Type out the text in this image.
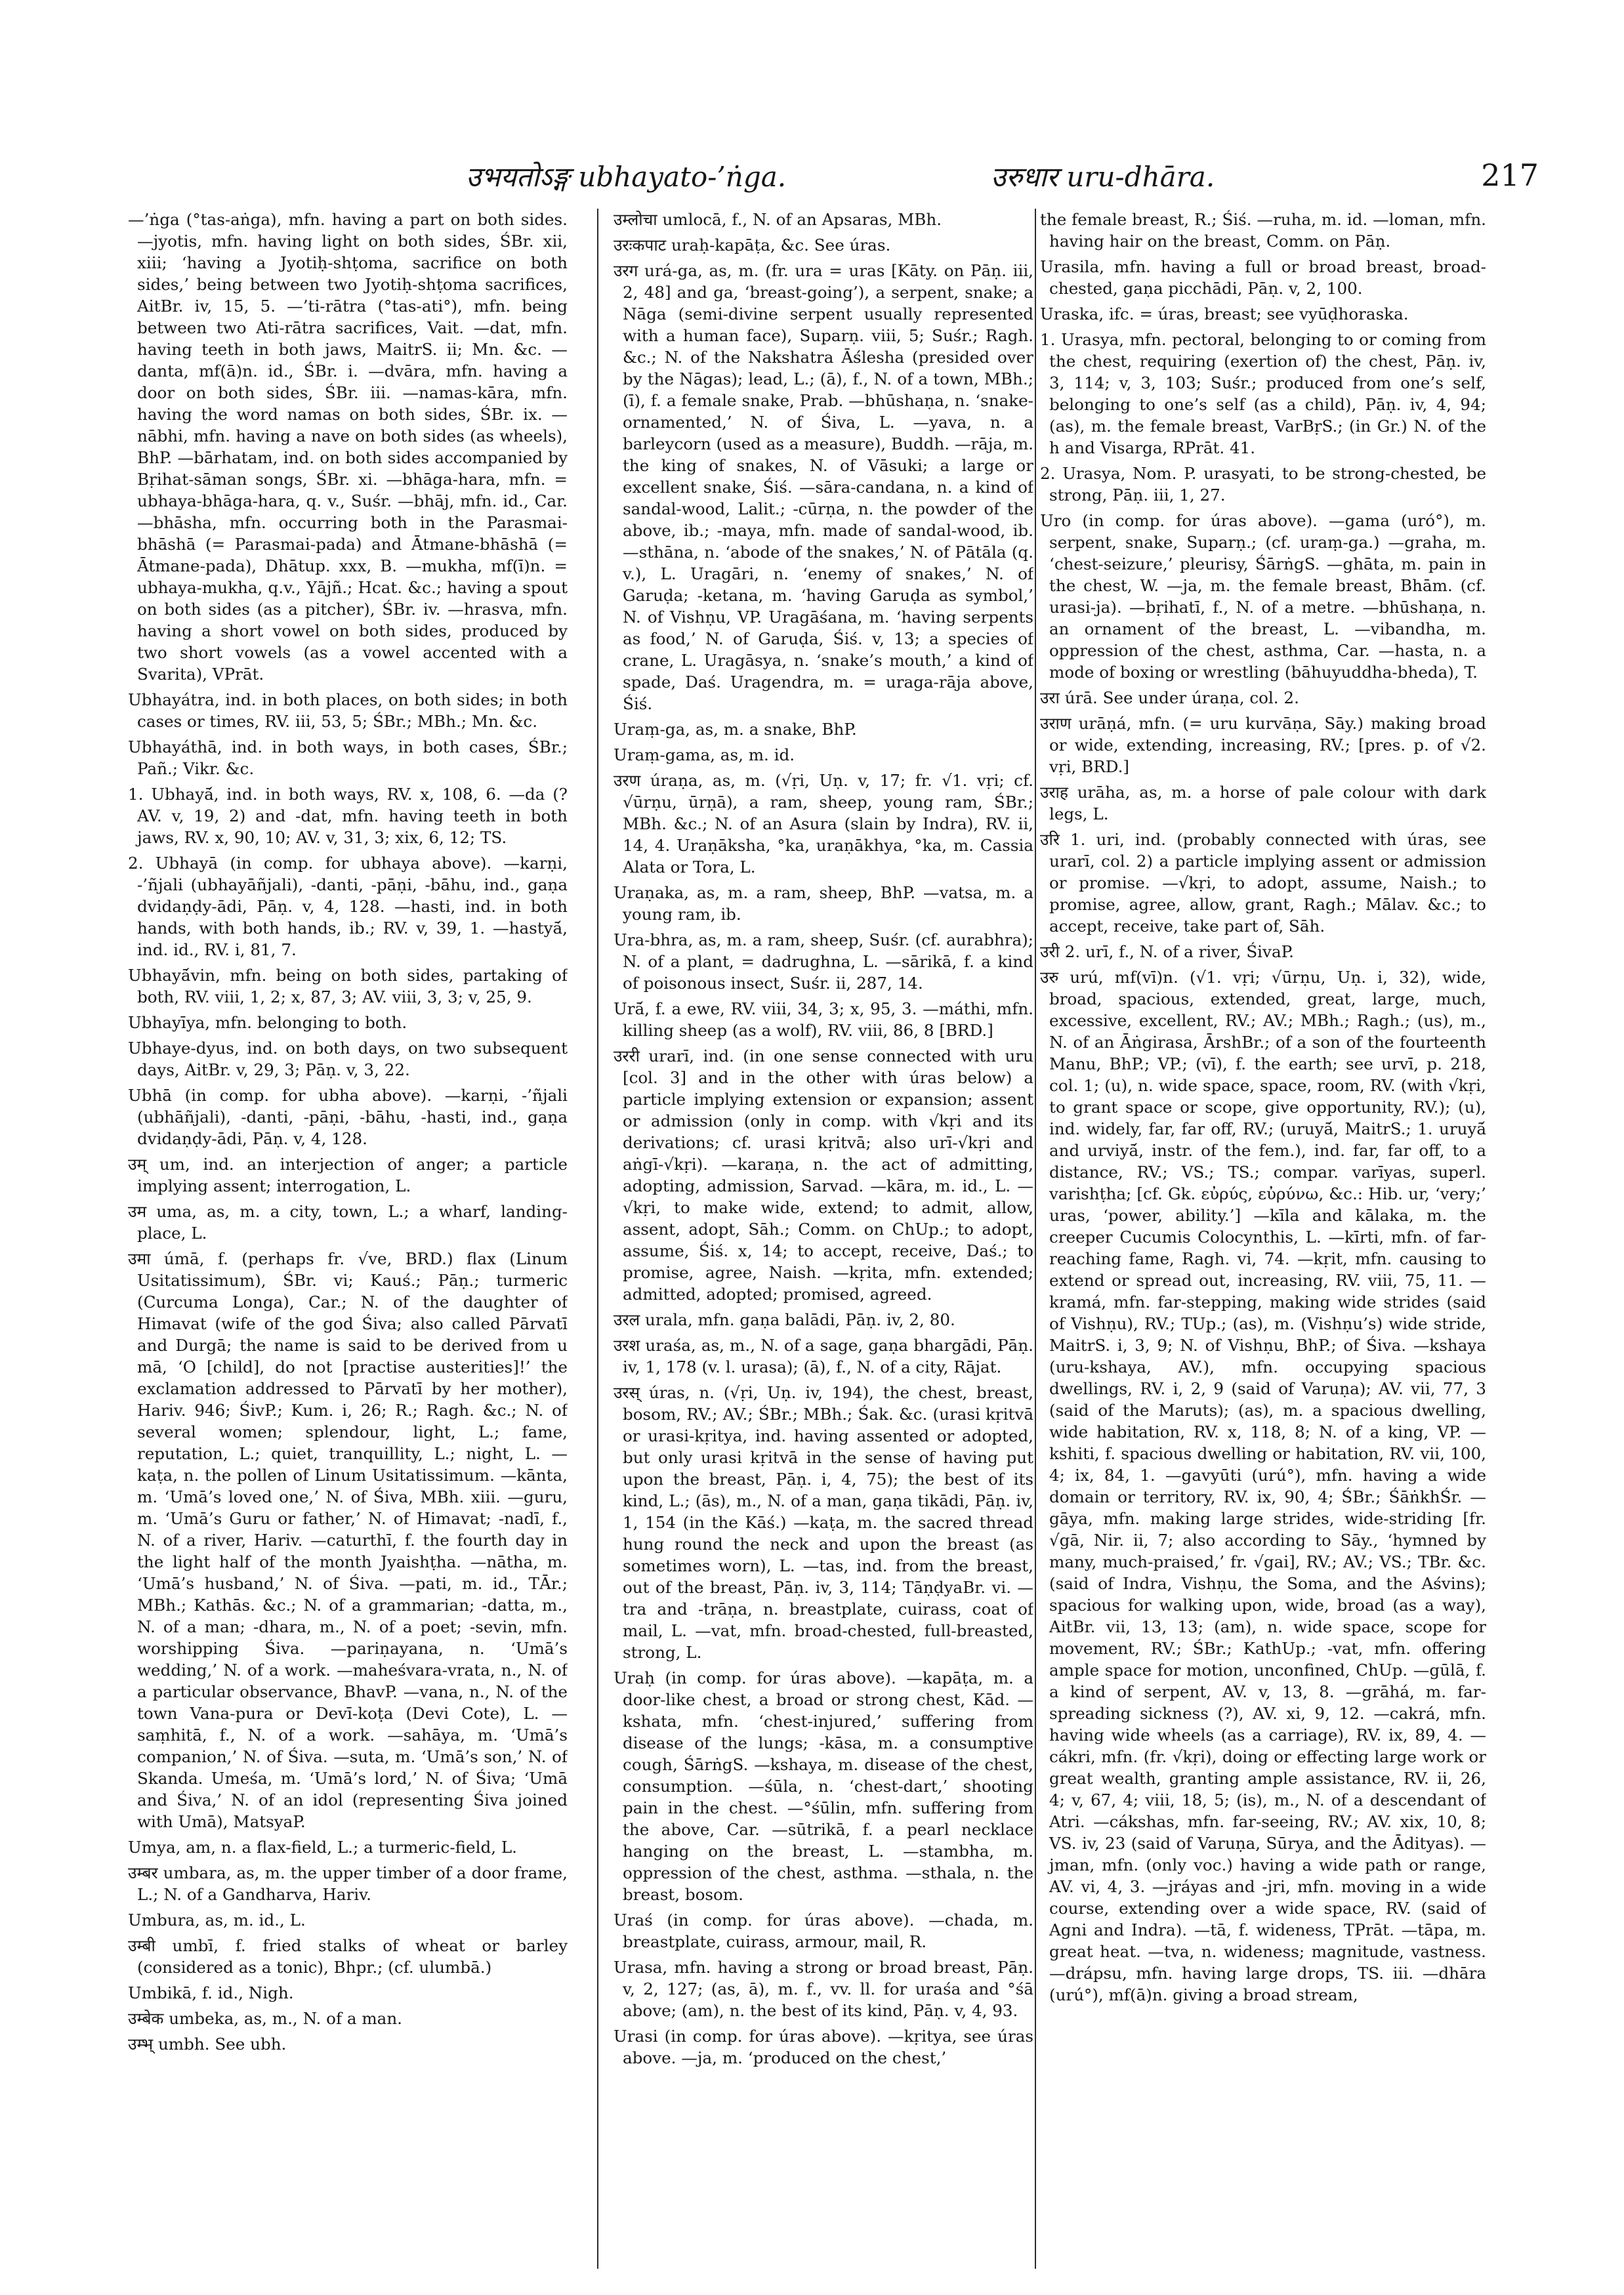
उभयतोऽङ्ग ubhayato-’ṅga.	उरुधार uru-dhāra.	217

—’ṅga (°tas-aṅga), mfn. having a part on both sides. —jyotis, mfn. having light on both sides, ŚBr. xii, xiii; ‘having a Jyotiḥ-shṭoma, sacrifice on both sides,’ being between two Jyotiḥ-shṭoma sacrifices, AitBr. iv, 15, 5. —’ti-rātra (°tas-ati°), mfn. being between two Ati-rātra sacrifices, Vait. —dat, mfn. having teeth in both jaws, MaitrS. ii; Mn. &c. —danta, mf(ā)n. id., ŚBr. i. —dvāra, mfn. having a door on both sides, ŚBr. iii. —namas-kāra, mfn. having the word namas on both sides, ŚBr. ix. —nābhi, mfn. having a nave on both sides (as wheels), BhP. —bārhatam, ind. on both sides accompanied by Bṛihat-sāman songs, ŚBr. xi. —bhāga-hara, mfn. = ubhaya-bhāga-hara, q. v., Suśr. —bhāj, mfn. id., Car. —bhāsha, mfn. occurring both in the Parasmai-bhāshā (= Parasmai-pada) and Ātmane-bhāshā (= Ātmane-pada), Dhātup. xxx, B. —mukha, mf(ī)n. = ubhaya-mukha, q.v., Yājñ.; Hcat. &c.; having a spout on both sides (as a pitcher), ŚBr. iv. —hrasva, mfn. having a short vowel on both sides, produced by two short vowels (as a vowel accented with a Svarita), VPrāt.

Ubhayátra, ind. in both places, on both sides; in both cases or times, RV. iii, 53, 5; ŚBr.; MBh.; Mn. &c.

Ubhayáthā, ind. in both ways, in both cases, ŚBr.; Pañ.; Vikr. &c.

1. Ubhayā́, ind. in both ways, RV. x, 108, 6. —da (? AV. v, 19, 2) and -dat, mfn. having teeth in both jaws, RV. x, 90, 10; AV. v, 31, 3; xix, 6, 12; TS.

2. Ubhayā (in comp. for ubhaya above). —karṇi, -’ñjali (ubhayāñjali), -danti, -pāṇi, -bāhu, ind., gaṇa dvidaṇḍy-ādi, Pāṇ. v, 4, 128. —hasti, ind. in both hands, with both hands, ib.; RV. v, 39, 1. —hastyā́, ind. id., RV. i, 81, 7.

Ubhayā́vin, mfn. being on both sides, partaking of both, RV. viii, 1, 2; x, 87, 3; AV. viii, 3, 3; v, 25, 9.

Ubhayīya, mfn. belonging to both.

Ubhaye-dyus, ind. on both days, on two subsequent days, AitBr. v, 29, 3; Pāṇ. v, 3, 22.

Ubhā (in comp. for ubha above). —karṇi, -’ñjali (ubhāñjali), -danti, -pāṇi, -bāhu, -hasti, ind., gaṇa dvidaṇḍy-ādi, Pāṇ. v, 4, 128.

उम् um, ind. an interjection of anger; a particle implying assent; interrogation, L.

उम uma, as, m. a city, town, L.; a wharf, landing-place, L.

उमा úmā, f. (perhaps fr. √ve, BRD.) flax (Linum Usitatissimum), ŚBr. vi; Kauś.; Pāṇ.; turmeric (Curcuma Longa), Car.; N. of the daughter of Himavat (wife of the god Śiva; also called Pārvatī and Durgā; the name is said to be derived from u mā, ‘O [child], do not [practise austerities]!’ the exclamation addressed to Pārvatī by her mother), Hariv. 946; ŚivP.; Kum. i, 26; R.; Ragh. &c.; N. of several women; splendour, light, L.; fame, reputation, L.; quiet, tranquillity, L.; night, L. —kaṭa, n. the pollen of Linum Usitatissimum. —kānta, m. ‘Umā’s loved one,’ N. of Śiva, MBh. xiii. —guru, m. ‘Umā’s Guru or father,’ N. of Himavat; -nadī, f., N. of a river, Hariv. —caturthī, f. the fourth day in the light half of the month Jyaishṭha. —nātha, m. ‘Umā’s husband,’ N. of Śiva. —pati, m. id., TĀr.; MBh.; Kathās. &c.; N. of a grammarian; -datta, m., N. of a man; -dhara, m., N. of a poet; -sevin, mfn. worshipping Śiva. —pariṇayana, n. ‘Umā’s wedding,’ N. of a work. —maheśvara-vrata, n., N. of a particular observance, BhavP. —vana, n., N. of the town Vana-pura or Devī-koṭa (Devi Cote), L. —saṃhitā, f., N. of a work. —sahāya, m. ‘Umā’s companion,’ N. of Śiva. —suta, m. ‘Umā’s son,’ N. of Skanda. Umeśa, m. ‘Umā’s lord,’ N. of Śiva; ‘Umā and Śiva,’ N. of an idol (representing Śiva joined with Umā), MatsyaP.

Umya, am, n. a flax-field, L.; a turmeric-field, L.

उम्बर umbara, as, m. the upper timber of a door frame, L.; N. of a Gandharva, Hariv.

Umbura, as, m. id., L.

उम्बी umbī, f. fried stalks of wheat or barley (considered as a tonic), Bhpr.; (cf. ulumbā.)

Umbikā, f. id., Nigh.

उम्बेक umbeka, as, m., N. of a man.

उम्भ् umbh. See ubh.

उम्लोचा umlocā, f., N. of an Apsaras, MBh.

उरःकपाट uraḥ-kapāṭa, &c. See úras.

उरग urá-ga, as, m. (fr. ura = uras [Kāty. on Pāṇ. iii, 2, 48] and ga, ‘breast-going’), a serpent, snake; a Nāga (semi-divine serpent usually represented with a human face), Suparṇ. viii, 5; Suśr.; Ragh. &c.; N. of the Nakshatra Āślesha (presided over by the Nāgas); lead, L.; (ā), f., N. of a town, MBh.; (ī), f. a female snake, Prab. —bhūshaṇa, n. ‘snake-ornamented,’ N. of Śiva, L. —yava, n. a barleycorn (used as a measure), Buddh. —rāja, m. the king of snakes, N. of Vāsuki; a large or excellent snake, Śiś. —sāra-candana, n. a kind of sandal-wood, Lalit.; -cūrṇa, n. the powder of the above, ib.; -maya, mfn. made of sandal-wood, ib. —sthāna, n. ‘abode of the snakes,’ N. of Pātāla (q. v.), L. Uragāri, n. ‘enemy of snakes,’ N. of Garuḍa; -ketana, m. ‘having Garuḍa as symbol,’ N. of Vishṇu, VP. Uragāśana, m. ‘having serpents as food,’ N. of Garuḍa, Śiś. v, 13; a species of crane, L. Uragāsya, n. ‘snake’s mouth,’ a kind of spade, Daś. Uragendra, m. = uraga-rāja above, Śiś.

Uraṃ-ga, as, m. a snake, BhP.

Uraṃ-gama, as, m. id.

उरण úraṇa, as, m. (√ṛi, Uṇ. v, 17; fr. √1. vṛi; cf. √ūrṇu, ūrṇā), a ram, sheep, young ram, ŚBr.; MBh. &c.; N. of an Asura (slain by Indra), RV. ii, 14, 4. Uraṇāksha, °ka, uraṇākhya, °ka, m. Cassia Alata or Tora, L.

Uraṇaka, as, m. a ram, sheep, BhP. —vatsa, m. a young ram, ib.

Ura-bhra, as, m. a ram, sheep, Suśr. (cf. aurabhra); N. of a plant, = dadrughna, L. —sārikā, f. a kind of poisonous insect, Suśr. ii, 287, 14.

Urā́, f. a ewe, RV. viii, 34, 3; x, 95, 3. —máthi, mfn. killing sheep (as a wolf), RV. viii, 86, 8 [BRD.]

उररी urarī, ind. (in one sense connected with uru [col. 3] and in the other with úras below) a particle implying extension or expansion; assent or admission (only in comp. with √kṛi and its derivations; cf. urasi kṛitvā; also urī-√kṛi and aṅgī-√kṛi). —karaṇa, n. the act of admitting, adopting, admission, Sarvad. —kāra, m. id., L. —√kṛi, to make wide, extend; to admit, allow, assent, adopt, Sāh.; Comm. on ChUp.; to adopt, assume, Śiś. x, 14; to accept, receive, Daś.; to promise, agree, Naish. —kṛita, mfn. extended; admitted, adopted; promised, agreed.

उरल urala, mfn. gaṇa balādi, Pāṇ. iv, 2, 80.

उरश uraśa, as, m., N. of a sage, gaṇa bhargādi, Pāṇ. iv, 1, 178 (v. l. urasa); (ā), f., N. of a city, Rājat.

उरस् úras, n. (√ṛi, Uṇ. iv, 194), the chest, breast, bosom, RV.; AV.; ŚBr.; MBh.; Śak. &c. (urasi kṛitvā or urasi-kṛitya, ind. having assented or adopted, but only urasi kṛitvā in the sense of having put upon the breast, Pāṇ. i, 4, 75); the best of its kind, L.; (ās), m., N. of a man, gaṇa tikādi, Pāṇ. iv, 1, 154 (in the Kāś.) —kaṭa, m. the sacred thread hung round the neck and upon the breast (as sometimes worn), L. —tas, ind. from the breast, out of the breast, Pāṇ. iv, 3, 114; TāṇḍyaBr. vi. —tra and -trāṇa, n. breastplate, cuirass, coat of mail, L. —vat, mfn. broad-chested, full-breasted, strong, L.

Uraḥ (in comp. for úras above). —kapāṭa, m. a door-like chest, a broad or strong chest, Kād. —kshata, mfn. ‘chest-injured,’ suffering from disease of the lungs; -kāsa, m. a consumptive cough, ŚārṅgS. —kshaya, m. disease of the chest, consumption. —śūla, n. ‘chest-dart,’ shooting pain in the chest. —°śūlin, mfn. suffering from the above, Car. —sūtrikā, f. a pearl necklace hanging on the breast, L. —stambha, m. oppression of the chest, asthma. —sthala, n. the breast, bosom.

Uraś (in comp. for úras above). —chada, m. breastplate, cuirass, armour, mail, R.

Urasa, mfn. having a strong or broad breast, Pāṇ. v, 2, 127; (as, ā), m. f., vv. ll. for uraśa and °śā above; (am), n. the best of its kind, Pāṇ. v, 4, 93.

Urasi (in comp. for úras above). —kṛitya, see úras above. —ja, m. ‘produced on the chest,’

the female breast, R.; Śiś. —ruha, m. id. —loman, mfn. having hair on the breast, Comm. on Pāṇ.

Urasila, mfn. having a full or broad breast, broad-chested, gaṇa picchādi, Pāṇ. v, 2, 100.

Uraska, ifc. = úras, breast; see vyūḍhoraska.

1. Urasya, mfn. pectoral, belonging to or coming from the chest, requiring (exertion of) the chest, Pāṇ. iv, 3, 114; v, 3, 103; Suśr.; produced from one’s self, belonging to one’s self (as a child), Pāṇ. iv, 4, 94; (as), m. the female breast, VarBṛS.; (in Gr.) N. of the h and Visarga, RPrāt. 41.

2. Urasya, Nom. P. urasyati, to be strong-chested, be strong, Pāṇ. iii, 1, 27.

Uro (in comp. for úras above). —gama (uró°), m. serpent, snake, Suparṇ.; (cf. uraṃ-ga.) —graha, m. ‘chest-seizure,’ pleurisy, ŚārṅgS. —ghāta, m. pain in the chest, W. —ja, m. the female breast, Bhām. (cf. urasi-ja). —bṛihatī, f., N. of a metre. —bhūshaṇa, n. an ornament of the breast, L. —vibandha, m. oppression of the chest, asthma, Car. —hasta, n. a mode of boxing or wrestling (bāhuyuddha-bheda), T.

उरा úrā. See under úraṇa, col. 2.

उराण urāṇá, mfn. (= uru kurvāṇa, Sāy.) making broad or wide, extending, increasing, RV.; [pres. p. of √2. vṛi, BRD.]

उराह urāha, as, m. a horse of pale colour with dark legs, L.

उरि 1. uri, ind. (probably connected with úras, see urarī, col. 2) a particle implying assent or admission or promise. —√kṛi, to adopt, assume, Naish.; to promise, agree, allow, grant, Ragh.; Mālav. &c.; to accept, receive, take part of, Sāh.

उरी 2. urī, f., N. of a river, ŚivaP.

उरु urú, mf(vī)n. (√1. vṛi; √ūrṇu, Uṇ. i, 32), wide, broad, spacious, extended, great, large, much, excessive, excellent, RV.; AV.; MBh.; Ragh.; (us), m., N. of an Āṅgirasa, ĀrshBr.; of a son of the fourteenth Manu, BhP.; VP.; (vī), f. the earth; see urvī, p. 218, col. 1; (u), n. wide space, space, room, RV. (with √kṛi, to grant space or scope, give opportunity, RV.); (u), ind. widely, far, far off, RV.; (uruyā́, MaitrS.; 1. uruyā́ and urviyā́, instr. of the fem.), ind. far, far off, to a distance, RV.; VS.; TS.; compar. varīyas, superl. varishṭha; [cf. Gk. εὐρύς, εὐρύνω, &c.: Hib. ur, ‘very;’ uras, ‘power, ability.’] —kīla and kālaka, m. the creeper Cucumis Colocynthis, L. —kīrti, mfn. of far-reaching fame, Ragh. vi, 74. —kṛit, mfn. causing to extend or spread out, increasing, RV. viii, 75, 11. —kramá, mfn. far-stepping, making wide strides (said of Vishṇu), RV.; TUp.; (as), m. (Vishṇu’s) wide stride, MaitrS. i, 3, 9; N. of Vishṇu, BhP.; of Śiva. —kshaya (uru-kshaya, AV.), mfn. occupying spacious dwellings, RV. i, 2, 9 (said of Varuṇa); AV. vii, 77, 3 (said of the Maruts); (as), m. a spacious dwelling, wide habitation, RV. x, 118, 8; N. of a king, VP. —kshiti, f. spacious dwelling or habitation, RV. vii, 100, 4; ix, 84, 1. —gavyūti (urú°), mfn. having a wide domain or territory, RV. ix, 90, 4; ŚBr.; ŚāṅkhŚr. —gāya, mfn. making large strides, wide-striding [fr. √gā, Nir. ii, 7; also according to Sāy., ‘hymned by many, much-praised,’ fr. √gai], RV.; AV.; VS.; TBr. &c. (said of Indra, Vishṇu, the Soma, and the Aśvins); spacious for walking upon, wide, broad (as a way), AitBr. vii, 13, 13; (am), n. wide space, scope for movement, RV.; ŚBr.; KathUp.; -vat, mfn. offering ample space for motion, unconfined, ChUp. —gūlā, f. a kind of serpent, AV. v, 13, 8. —grāhá, m. far-spreading sickness (?), AV. xi, 9, 12. —cakrá, mfn. having wide wheels (as a carriage), RV. ix, 89, 4. —cákri, mfn. (fr. √kṛi), doing or effecting large work or great wealth, granting ample assistance, RV. ii, 26, 4; v, 67, 4; viii, 18, 5; (is), m., N. of a descendant of Atri. —cákshas, mfn. far-seeing, RV.; AV. xix, 10, 8; VS. iv, 23 (said of Varuṇa, Sūrya, and the Ādityas). —jman, mfn. (only voc.) having a wide path or range, AV. vi, 4, 3. —jráyas and -jri, mfn. moving in a wide course, extending over a wide space, RV. (said of Agni and Indra). —tā, f. wideness, TPrāt. —tāpa, m. great heat. —tva, n. wideness; magnitude, vastness. —drápsu, mfn. having large drops, TS. iii. —dhāra (urú°), mf(ā)n. giving a broad stream,
